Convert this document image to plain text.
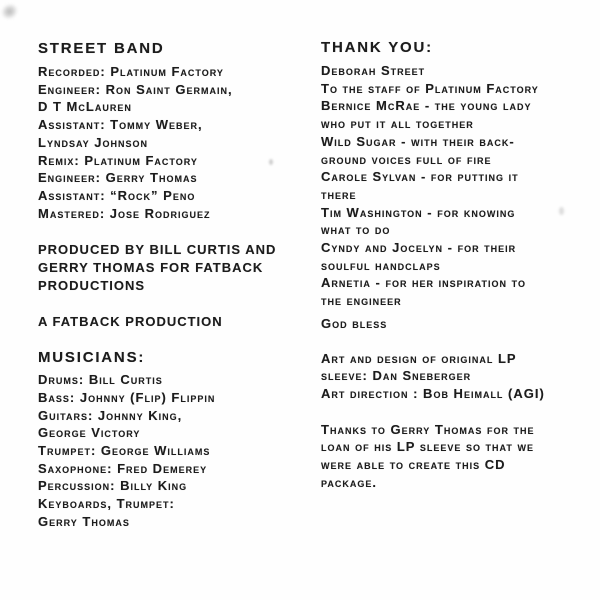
STREET BAND
Recorded: Platinum Factory
Engineer: Ron Saint Germain,
D T McLauren
Assistant: Tommy Weber,
Lyndsay Johnson
Remix: Platinum Factory
Engineer: Gerry Thomas
Assistant: “Rock” Peno
Mastered: Jose Rodriguez
PRODUCED BY BILL CURTIS AND
GERRY THOMAS FOR FATBACK
PRODUCTIONS
A FATBACK PRODUCTION
MUSICIANS:
Drums: Bill Curtis
Bass: Johnny (Flip) Flippin
Guitars: Johnny King,
George Victory
Trumpet: George Williams
Saxophone: Fred Demerey
Percussion: Billy King
Keyboards, Trumpet:
Gerry Thomas
THANK YOU:
Deborah Street
To the staff of Platinum Factory
Bernice McRae - the young lady
who put it all together
Wild Sugar - with their back-
ground voices full of fire
Carole Sylvan - for putting it
there
Tim Washington - for knowing
what to do
Cyndy and Jocelyn - for their
soulful handclaps
Arnetia - for her inspiration to
the engineer
God bless
Art and design of original LP
sleeve: Dan Sneberger
Art direction : Bob Heimall (AGI)
Thanks to Gerry Thomas for the
loan of his LP sleeve so that we
were able to create this CD
package.
